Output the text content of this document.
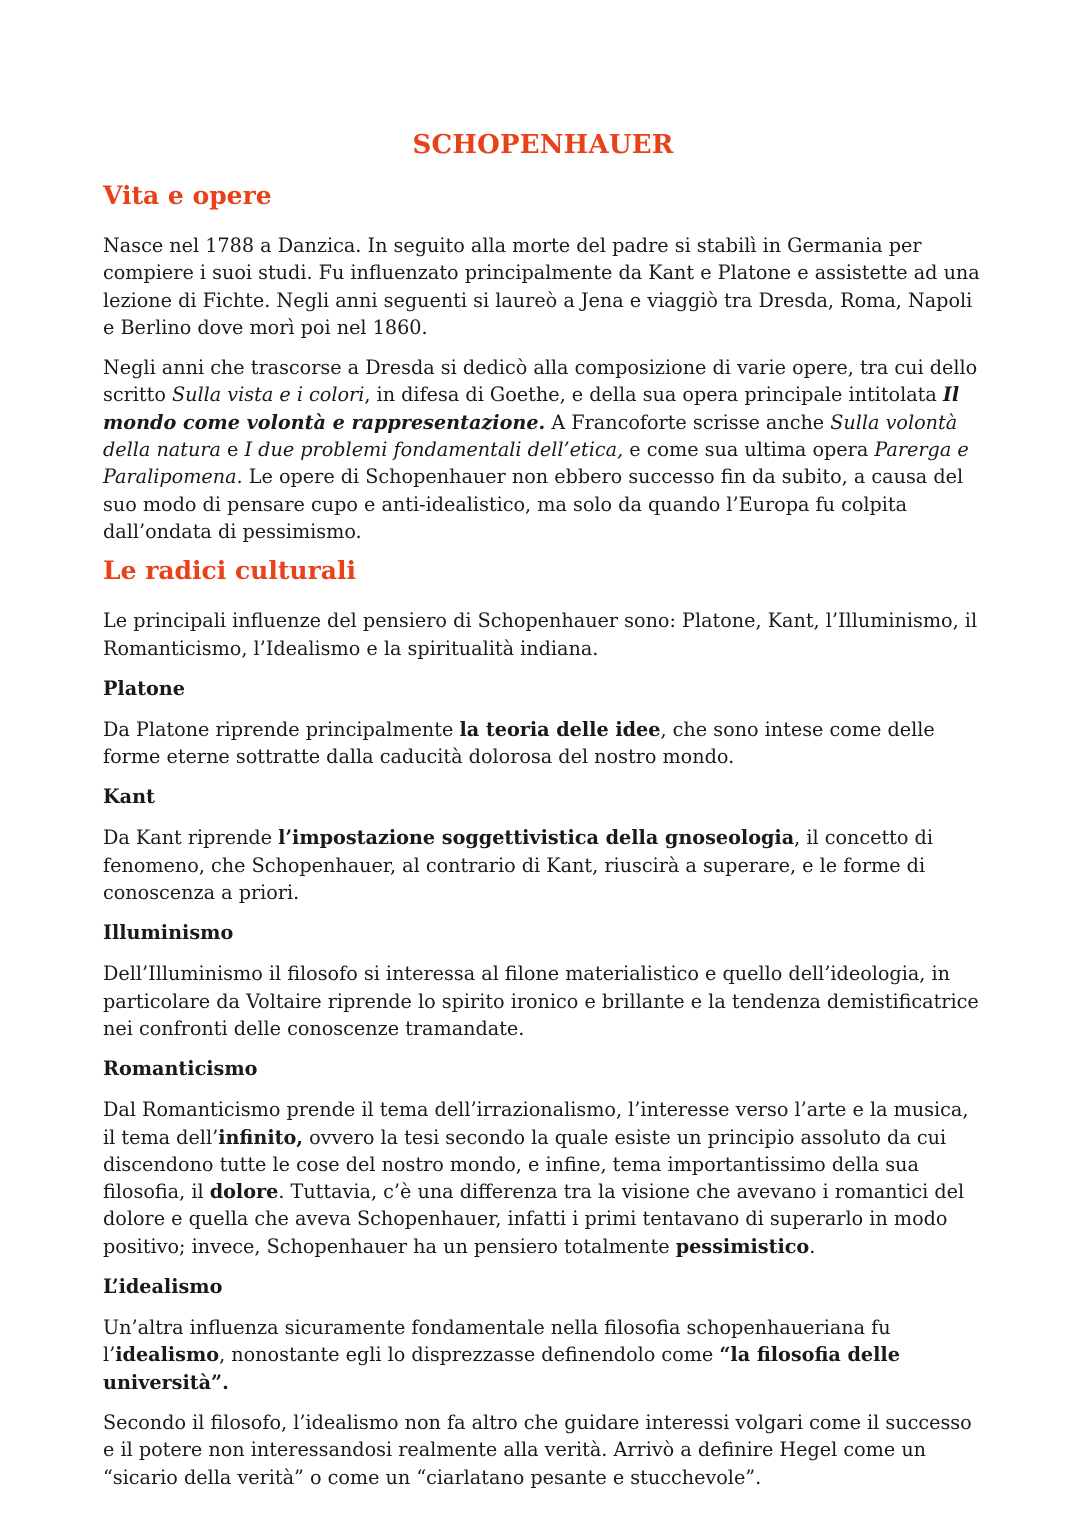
SCHOPENHAUER
Vita e opere

Nasce nel 1788 a Danzica. In seguito alla morte del padre si stabilì in Germania per compiere i suoi studi. Fu influenzato principalmente da Kant e Platone e assistette ad una lezione di Fichte. Negli anni seguenti si laureò a Jena e viaggiò tra Dresda, Roma, Napoli e Berlino dove morì poi nel 1860.

Negli anni che trascorse a Dresda si dedicò alla composizione di varie opere, tra cui dello scritto Sulla vista e i colori, in difesa di Goethe, e della sua opera principale intitolata Il mondo come volontà e rappresentazione. A Francoforte scrisse anche Sulla volontà della natura e I due problemi fondamentali dell’etica, e come sua ultima opera Parerga e Paralipomena. Le opere di Schopenhauer non ebbero successo fin da subito, a causa del suo modo di pensare cupo e anti-idealistico, ma solo da quando l’Europa fu colpita dall’ondata di pessimismo.

Le radici culturali

Le principali influenze del pensiero di Schopenhauer sono: Platone, Kant, l’Illuminismo, il Romanticismo, l’Idealismo e la spiritualità indiana.

Platone

Da Platone riprende principalmente la teoria delle idee, che sono intese come delle forme eterne sottratte dalla caducità dolorosa del nostro mondo.

Kant

Da Kant riprende l’impostazione soggettivistica della gnoseologia, il concetto di fenomeno, che Schopenhauer, al contrario di Kant, riuscirà a superare, e le forme di conoscenza a priori.

Illuminismo

Dell’Illuminismo il filosofo si interessa al filone materialistico e quello dell’ideologia, in particolare da Voltaire riprende lo spirito ironico e brillante e la tendenza demistificatrice nei confronti delle conoscenze tramandate.

Romanticismo

Dal Romanticismo prende il tema dell’irrazionalismo, l’interesse verso l’arte e la musica, il tema dell’infinito, ovvero la tesi secondo la quale esiste un principio assoluto da cui discendono tutte le cose del nostro mondo, e infine, tema importantissimo della sua filosofia, il dolore. Tuttavia, c’è una differenza tra la visione che avevano i romantici del dolore e quella che aveva Schopenhauer, infatti i primi tentavano di superarlo in modo positivo; invece, Schopenhauer ha un pensiero totalmente pessimistico.

L’idealismo

Un’altra influenza sicuramente fondamentale nella filosofia schopenhaueriana fu l’idealismo, nonostante egli lo disprezzasse definendolo come “la filosofia delle università”.

Secondo il filosofo, l’idealismo non fa altro che guidare interessi volgari come il successo e il potere non interessandosi realmente alla verità. Arrivò a definire Hegel come un “sicario della verità” o come un “ciarlatano pesante e stucchevole”.
